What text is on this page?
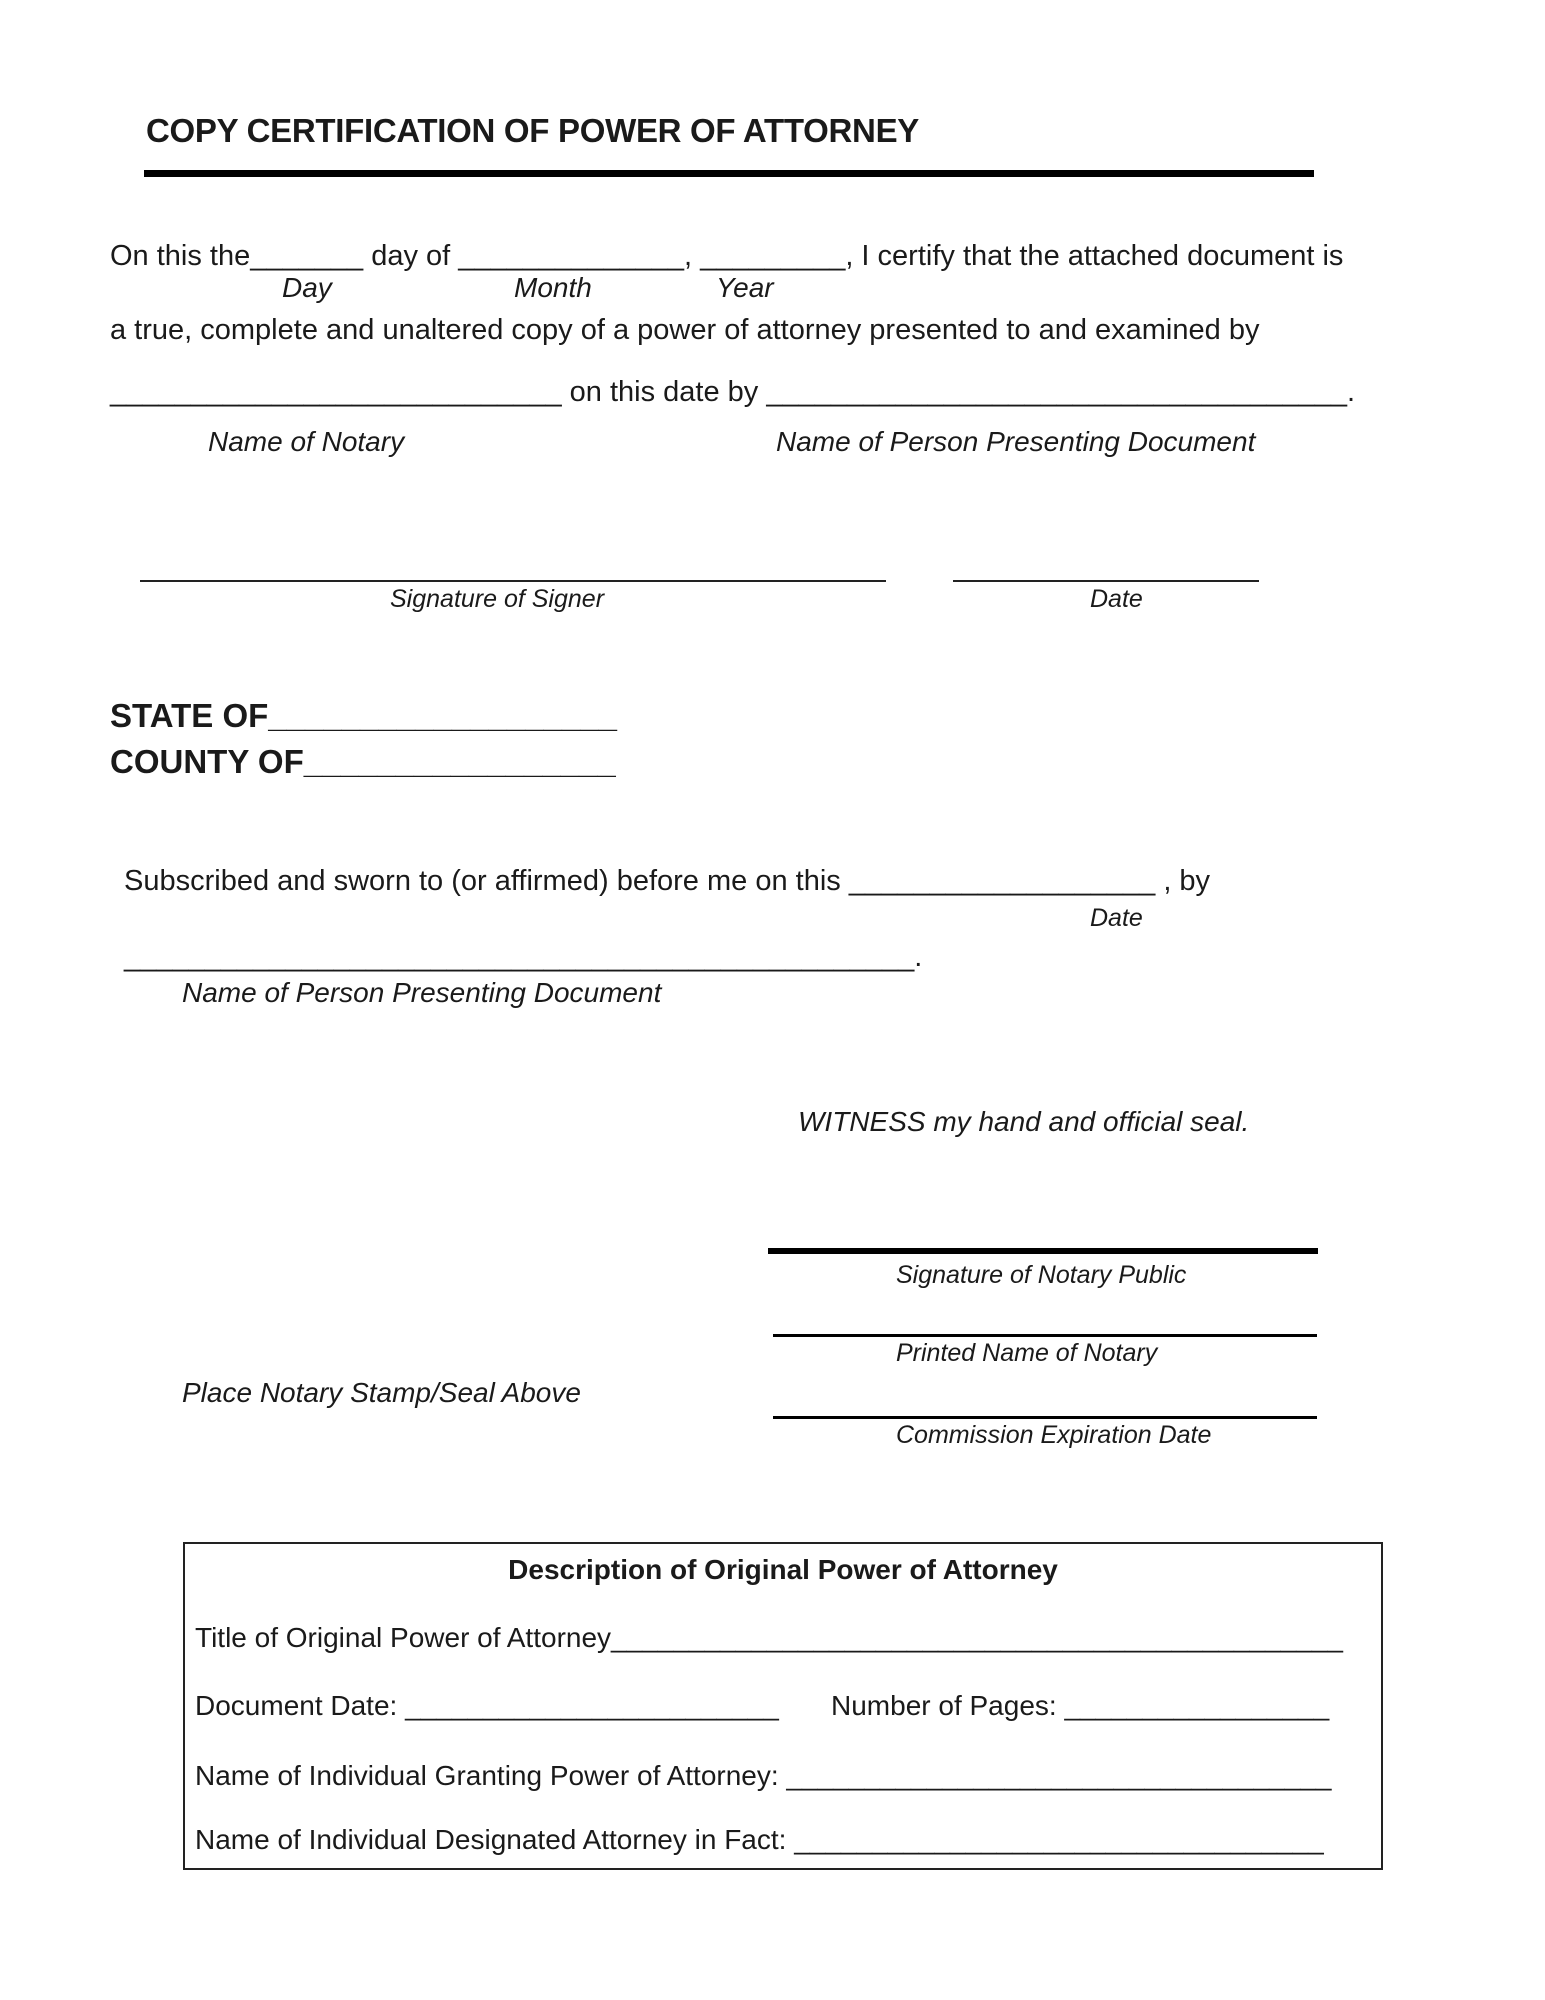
COPY CERTIFICATION OF POWER OF ATTORNEY
On this the_______ day of ______________, _________, I certify that the attached document is
Day	Month	Year
a true, complete and unaltered copy of a power of attorney presented to and examined by
____________________________ on this date by ____________________________________.
Name of Notary	Name of Person Presenting Document
Signature of Signer	Date
STATE OF___________________
COUNTY OF_________________
Subscribed and sworn to (or affirmed) before me on this ___________________ , by
Date
_________________________________________________.
Name of Person Presenting Document
WITNESS my hand and official seal.
Signature of Notary Public
Printed Name of Notary
Place Notary Stamp/Seal Above
Commission Expiration Date
Description of Original Power of Attorney
Title of Original Power of Attorney_______________________________________________
Document Date: ________________________ Number of Pages: _________________
Name of Individual Granting Power of Attorney: ___________________________________
Name of Individual Designated Attorney in Fact: __________________________________
